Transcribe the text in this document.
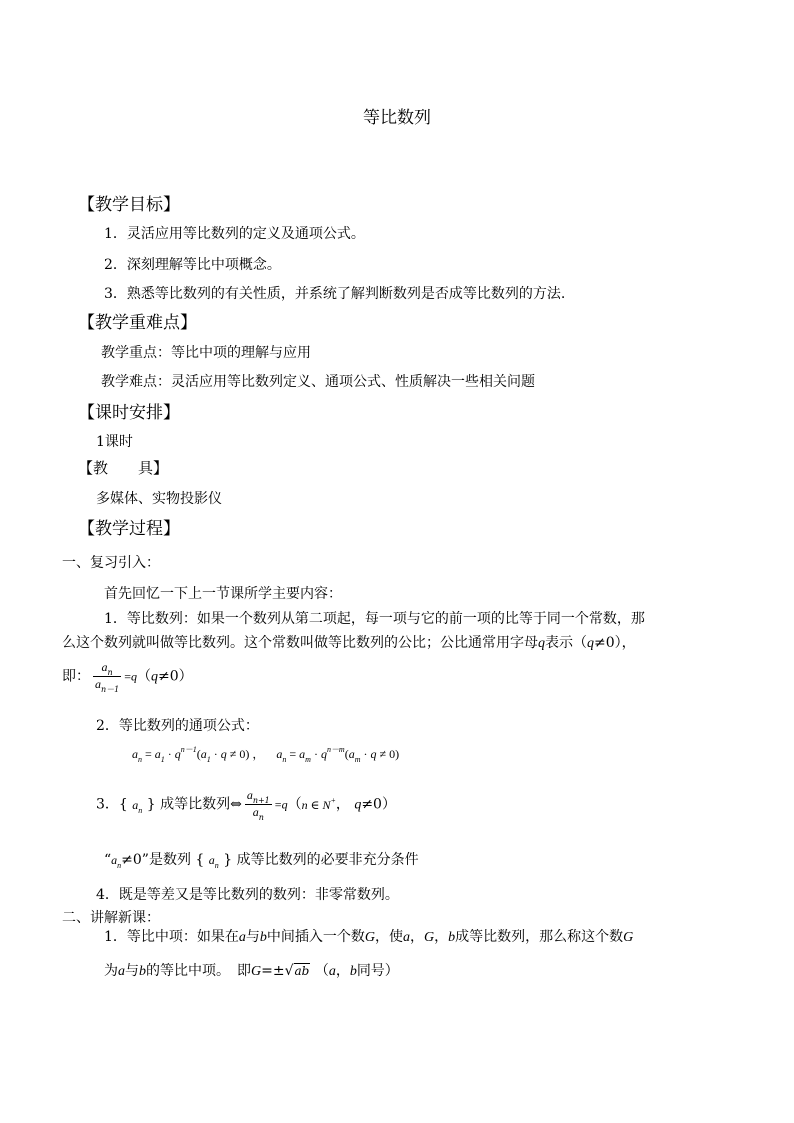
等比数列
【教学目标】
1．灵活应用等比数列的定义及通项公式。
2．深刻理解等比中项概念。
3．熟悉等比数列的有关性质，并系统了解判断数列是否成等比数列的方法.
【教学重难点】
教学重点：等比中项的理解与应用
教学难点：灵活应用等比数列定义、通项公式、性质解决一些相关问题
【课时安排】
1课时
【教　　具】
多媒体、实物投影仪
【教学过程】
一、复习引入：
首先回忆一下上一节课所学主要内容：
1．等比数列：如果一个数列从第二项起，每一项与它的前一项的比等于同一个常数，那
么这个数列就叫做等比数列。这个常数叫做等比数列的公比；公比通常用字母q表示（q≠0），
即： $\frac{a_n}{a_{n-1}} =q(q\ne 0)$
2．等比数列的通项公式：
$a_n = a_1 \cdot q^{n-1}(a_1 \cdot q \ne 0)$ ，    $a_n = a_m \cdot q^{n-m}(a_m \cdot q \ne 0)$
3．{ $a_n$ } 成等比数列⇔ $\frac{a_{n+1}}{a_n} =q(n$ ∈ N+， q≠0）
“$a_n\ne 0$”是数列 { $a_n$ } 成等比数列的必要非充分条件
4．既是等差又是等比数列的数列：非零常数列。
二、讲解新课：
1．等比中项：如果在a与b中间插入一个数G，使a，G，b成等比数列，那么称这个数G
为a与b的等比中项。　即G=±√ab （a，b同号）
